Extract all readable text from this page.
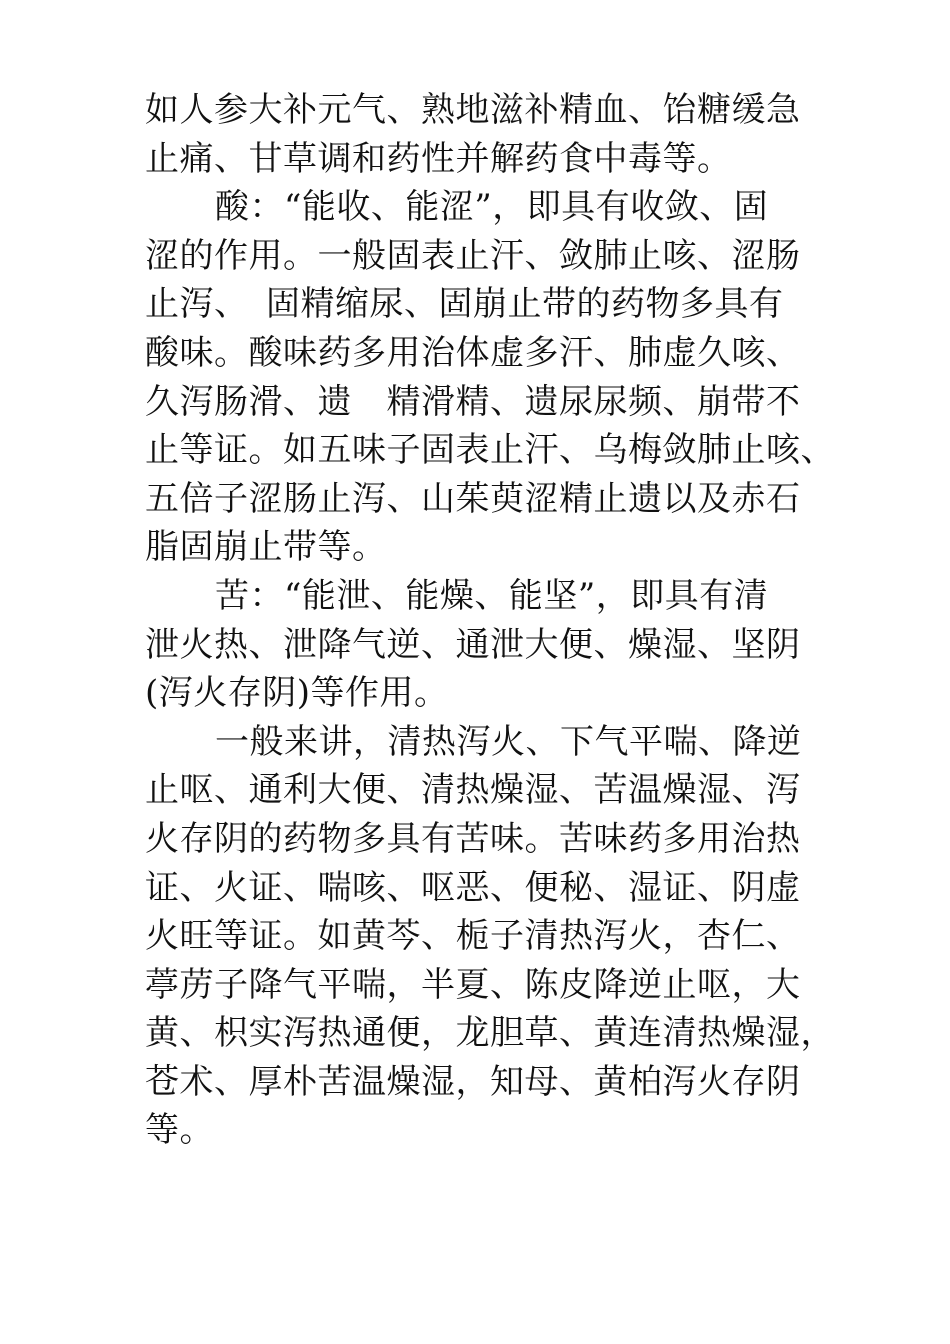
如人参大补元气、熟地滋补精血、饴糖缓急
止痛、甘草调和药性并解药食中毒等。
酸：“能收、能涩”，即具有收敛、固
涩的作用。一般固表止汗、敛肺止咳、涩肠
止泻、　固精缩尿、固崩止带的药物多具有
酸味。酸味药多用治体虚多汗、肺虚久咳、
久泻肠滑、遗　精滑精、遗尿尿频、崩带不
止等证。如五味子固表止汗、乌梅敛肺止咳、
五倍子涩肠止泻、山茱萸涩精止遗以及赤石
脂固崩止带等。
苦：“能泄、能燥、能坚”，即具有清
泄火热、泄降气逆、通泄大便、燥湿、坚阴
(泻火存阴)等作用。
一般来讲，清热泻火、下气平喘、降逆
止呕、通利大便、清热燥湿、苦温燥湿、泻
火存阴的药物多具有苦味。苦味药多用治热
证、火证、喘咳、呕恶、便秘、湿证、阴虚
火旺等证。如黄芩、栀子清热泻火，杏仁、
葶苈子降气平喘，半夏、陈皮降逆止呕，大
黄、枳实泻热通便，龙胆草、黄连清热燥湿，
苍术、厚朴苦温燥湿，知母、黄柏泻火存阴
等。
